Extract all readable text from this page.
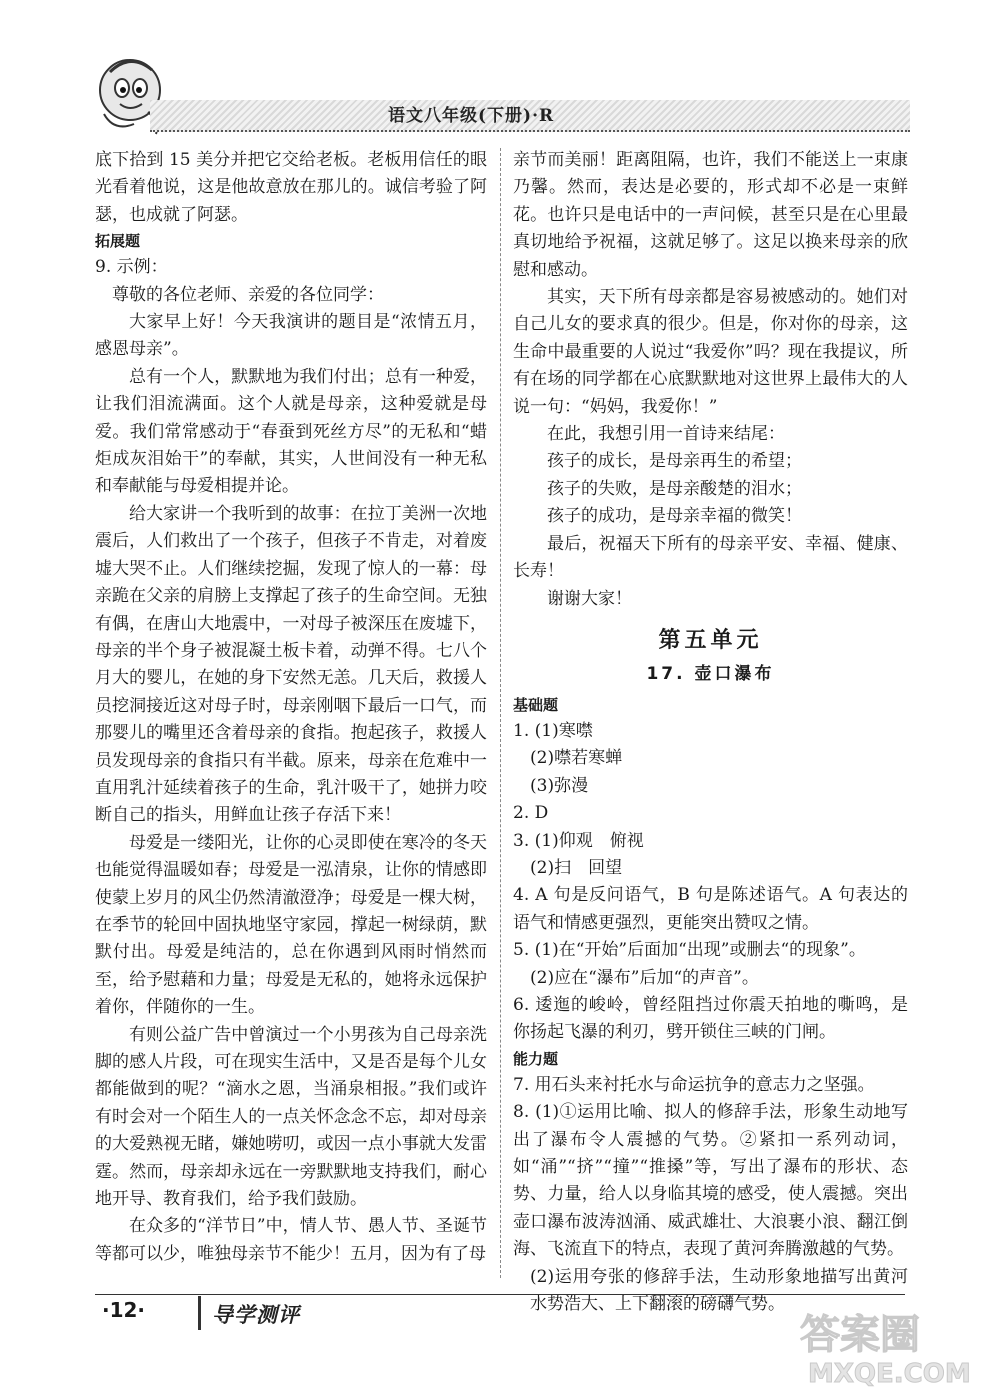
语文八年级(下册)·R

底下拾到 15 美分并把它交给老板。老板用信任的眼光看着他说，这是他故意放在那儿的。诚信考验了阿瑟，也成就了阿瑟。

拓展题

9. 示例：

尊敬的各位老师、亲爱的各位同学：

大家早上好！今天我演讲的题目是“浓情五月，感恩母亲”。

总有一个人，默默地为我们付出；总有一种爱，让我们泪流满面。这个人就是母亲，这种爱就是母爱。我们常常感动于“春蚕到死丝方尽”的无私和“蜡炬成灰泪始干”的奉献，其实，人世间没有一种无私和奉献能与母爱相提并论。

给大家讲一个我听到的故事：在拉丁美洲一次地震后，人们救出了一个孩子，但孩子不肯走，对着废墟大哭不止。人们继续挖掘，发现了惊人的一幕：母亲跪在父亲的肩膀上支撑起了孩子的生命空间。无独有偶，在唐山大地震中，一对母子被深压在废墟下，母亲的半个身子被混凝土板卡着，动弹不得。七八个月大的婴儿，在她的身下安然无恙。几天后，救援人员挖洞接近这对母子时，母亲刚咽下最后一口气，而那婴儿的嘴里还含着母亲的食指。抱起孩子，救援人员发现母亲的食指只有半截。原来，母亲在危难中一直用乳汁延续着孩子的生命，乳汁吸干了，她拼力咬断自己的指头，用鲜血让孩子存活下来！

母爱是一缕阳光，让你的心灵即使在寒冷的冬天也能觉得温暖如春；母爱是一泓清泉，让你的情感即使蒙上岁月的风尘仍然清澈澄净；母爱是一棵大树，在季节的轮回中固执地坚守家园，撑起一树绿荫，默默付出。母爱是纯洁的，总在你遇到风雨时悄然而至，给予慰藉和力量；母爱是无私的，她将永远保护着你，伴随你的一生。

有则公益广告中曾演过一个小男孩为自己母亲洗脚的感人片段，可在现实生活中，又是否是每个儿女都能做到的呢？“滴水之恩，当涌泉相报。”我们或许有时会对一个陌生人的一点关怀念念不忘，却对母亲的大爱熟视无睹，嫌她唠叨，或因一点小事就大发雷霆。然而，母亲却永远在一旁默默地支持我们，耐心地开导、教育我们，给予我们鼓励。

在众多的“洋节日”中，情人节、愚人节、圣诞节等都可以少，唯独母亲节不能少！五月，因为有了母

亲节而美丽！距离阻隔，也许，我们不能送上一束康乃馨。然而，表达是必要的，形式却不必是一束鲜花。也许只是电话中的一声问候，甚至只是在心里最真切地给予祝福，这就足够了。这足以换来母亲的欣慰和感动。

其实，天下所有母亲都是容易被感动的。她们对自己儿女的要求真的很少。但是，你对你的母亲，这生命中最重要的人说过“我爱你”吗？现在我提议，所有在场的同学都在心底默默地对这世界上最伟大的人说一句：“妈妈，我爱你！”

在此，我想引用一首诗来结尾：

孩子的成长，是母亲再生的希望；

孩子的失败，是母亲酸楚的泪水；

孩子的成功，是母亲幸福的微笑！

最后，祝福天下所有的母亲平安、幸福、健康、长寿！

谢谢大家！

第五单元

17. 壶口瀑布

基础题

1. (1)寒噤

(2)噤若寒蝉

(3)弥漫

2. D

3. (1)仰观　俯视

(2)扫　回望

4. A 句是反问语气，B 句是陈述语气。A 句表达的语气和情感更强烈，更能突出赞叹之情。

5. (1)在“开始”后面加“出现”或删去“的现象”。

(2)应在“瀑布”后加“的声音”。

6. 逶迤的峻岭，曾经阻挡过你震天拍地的嘶鸣，是你扬起飞瀑的利刃，劈开锁住三峡的门闸。

能力题

7. 用石头来衬托水与命运抗争的意志力之坚强。

8. (1)①运用比喻、拟人的修辞手法，形象生动地写出了瀑布令人震撼的气势。②紧扣一系列动词，如“涌”“挤”“撞”“推搡”等，写出了瀑布的形状、态势、力量，给人以身临其境的感受，使人震撼。突出壶口瀑布波涛汹涌、威武雄壮、大浪裹小浪、翻江倒海、飞流直下的特点，表现了黄河奔腾激越的气势。

(2)运用夸张的修辞手法，生动形象地描写出黄河水势浩大、上下翻滚的磅礴气势。

·12·	导学测评	答案圈
MXQE.COM
